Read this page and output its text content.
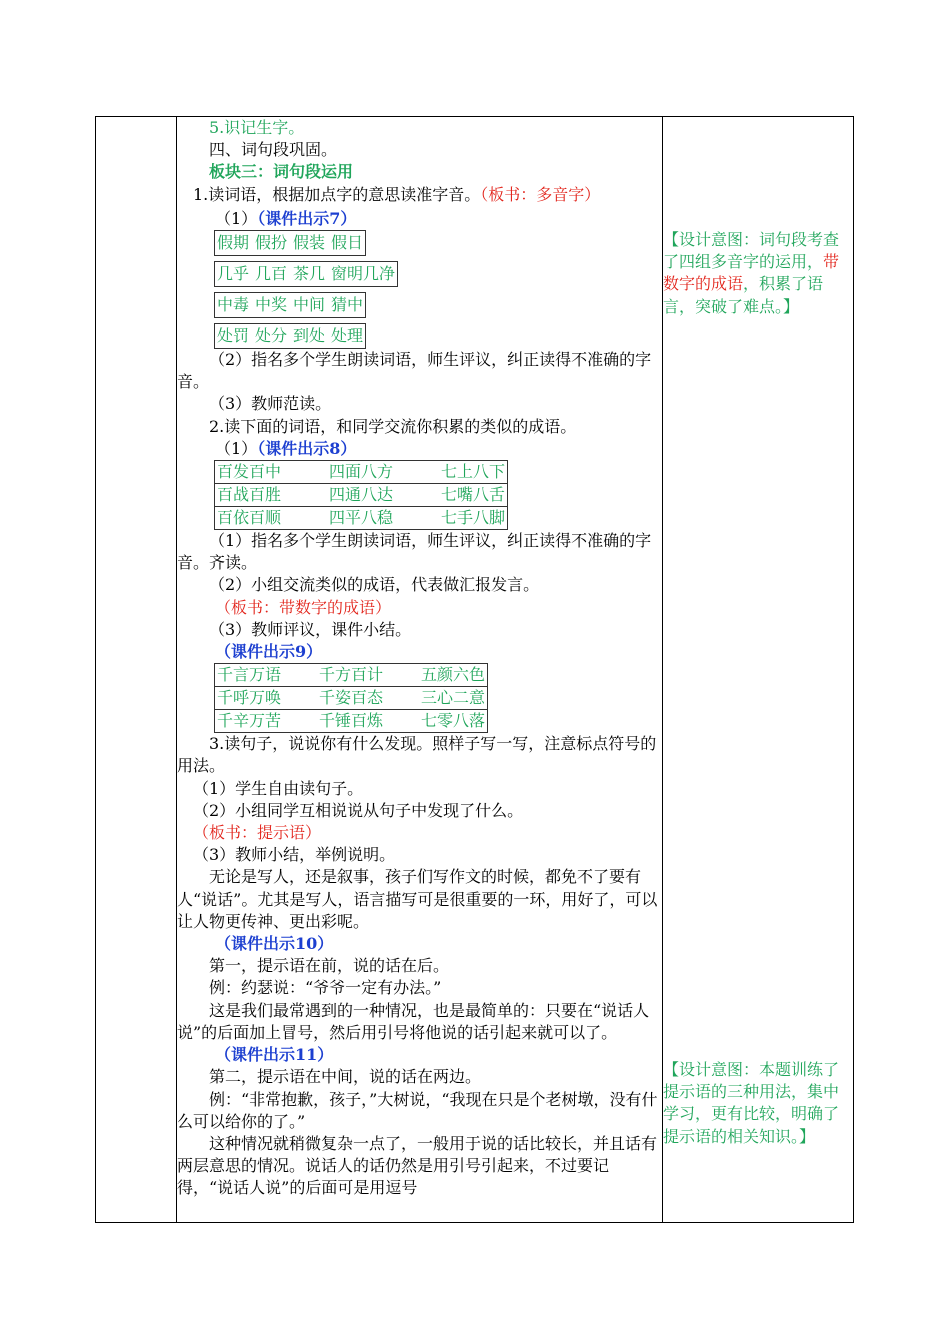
5.识记生字。

四、词句段巩固。

板块三：词句段运用

1.读词语，根据加点字的意思读准字音。（板书：多音字）

（1）（课件出示7）

假期 假扮 假装 假日
几乎 几百 茶几 窗明几净
中毒 中奖 中间 猜中
处罚 处分 到处 处理

（2）指名多个学生朗读词语，师生评议，纠正读得不准确的字音。

（3）教师范读。

2.读下面的词语，和同学交流你积累的类似的成语。

（1）（课件出示8）

百发百中	四面八方	七上八下
百战百胜	四通八达	七嘴八舌
百依百顺	四平八稳	七手八脚

（1）指名多个学生朗读词语，师生评议，纠正读得不准确的字音。齐读。

（2）小组交流类似的成语，代表做汇报发言。

（板书：带数字的成语）

（3）教师评议，课件小结。

（课件出示9）

千言万语	千方百计	五颜六色
千呼万唤	千姿百态	三心二意
千辛万苦	千锤百炼	七零八落

3.读句子，说说你有什么发现。照样子写一写，注意标点符号的用法。

（1）学生自由读句子。

（2）小组同学互相说说从句子中发现了什么。

（板书：提示语）

（3）教师小结，举例说明。

无论是写人，还是叙事，孩子们写作文的时候，都免不了要有人“说话”。尤其是写人，语言描写可是很重要的一环，用好了，可以让人物更传神、更出彩呢。

（课件出示10）

第一，提示语在前，说的话在后。

例：约瑟说：“爷爷一定有办法。”

这是我们最常遇到的一种情况，也是最简单的：只要在“说话人说”的后面加上冒号，然后用引号将他说的话引起来就可以了。

（课件出示11）

第二，提示语在中间，说的话在两边。

例：“非常抱歉，孩子，”大树说，“我现在只是个老树墩，没有什么可以给你的了。”

这种情况就稍微复杂一点了，一般用于说的话比较长，并且话有两层意思的情况。说话人的话仍然是用引号引起来，不过要记得，“说话人说”的后面可是用逗号

【设计意图：词句段考查了四组多音字的运用，带数字的成语，积累了语言，突破了难点。】
【设计意图：本题训练了提示语的三种用法，集中学习，更有比较，明确了提示语的相关知识。】
